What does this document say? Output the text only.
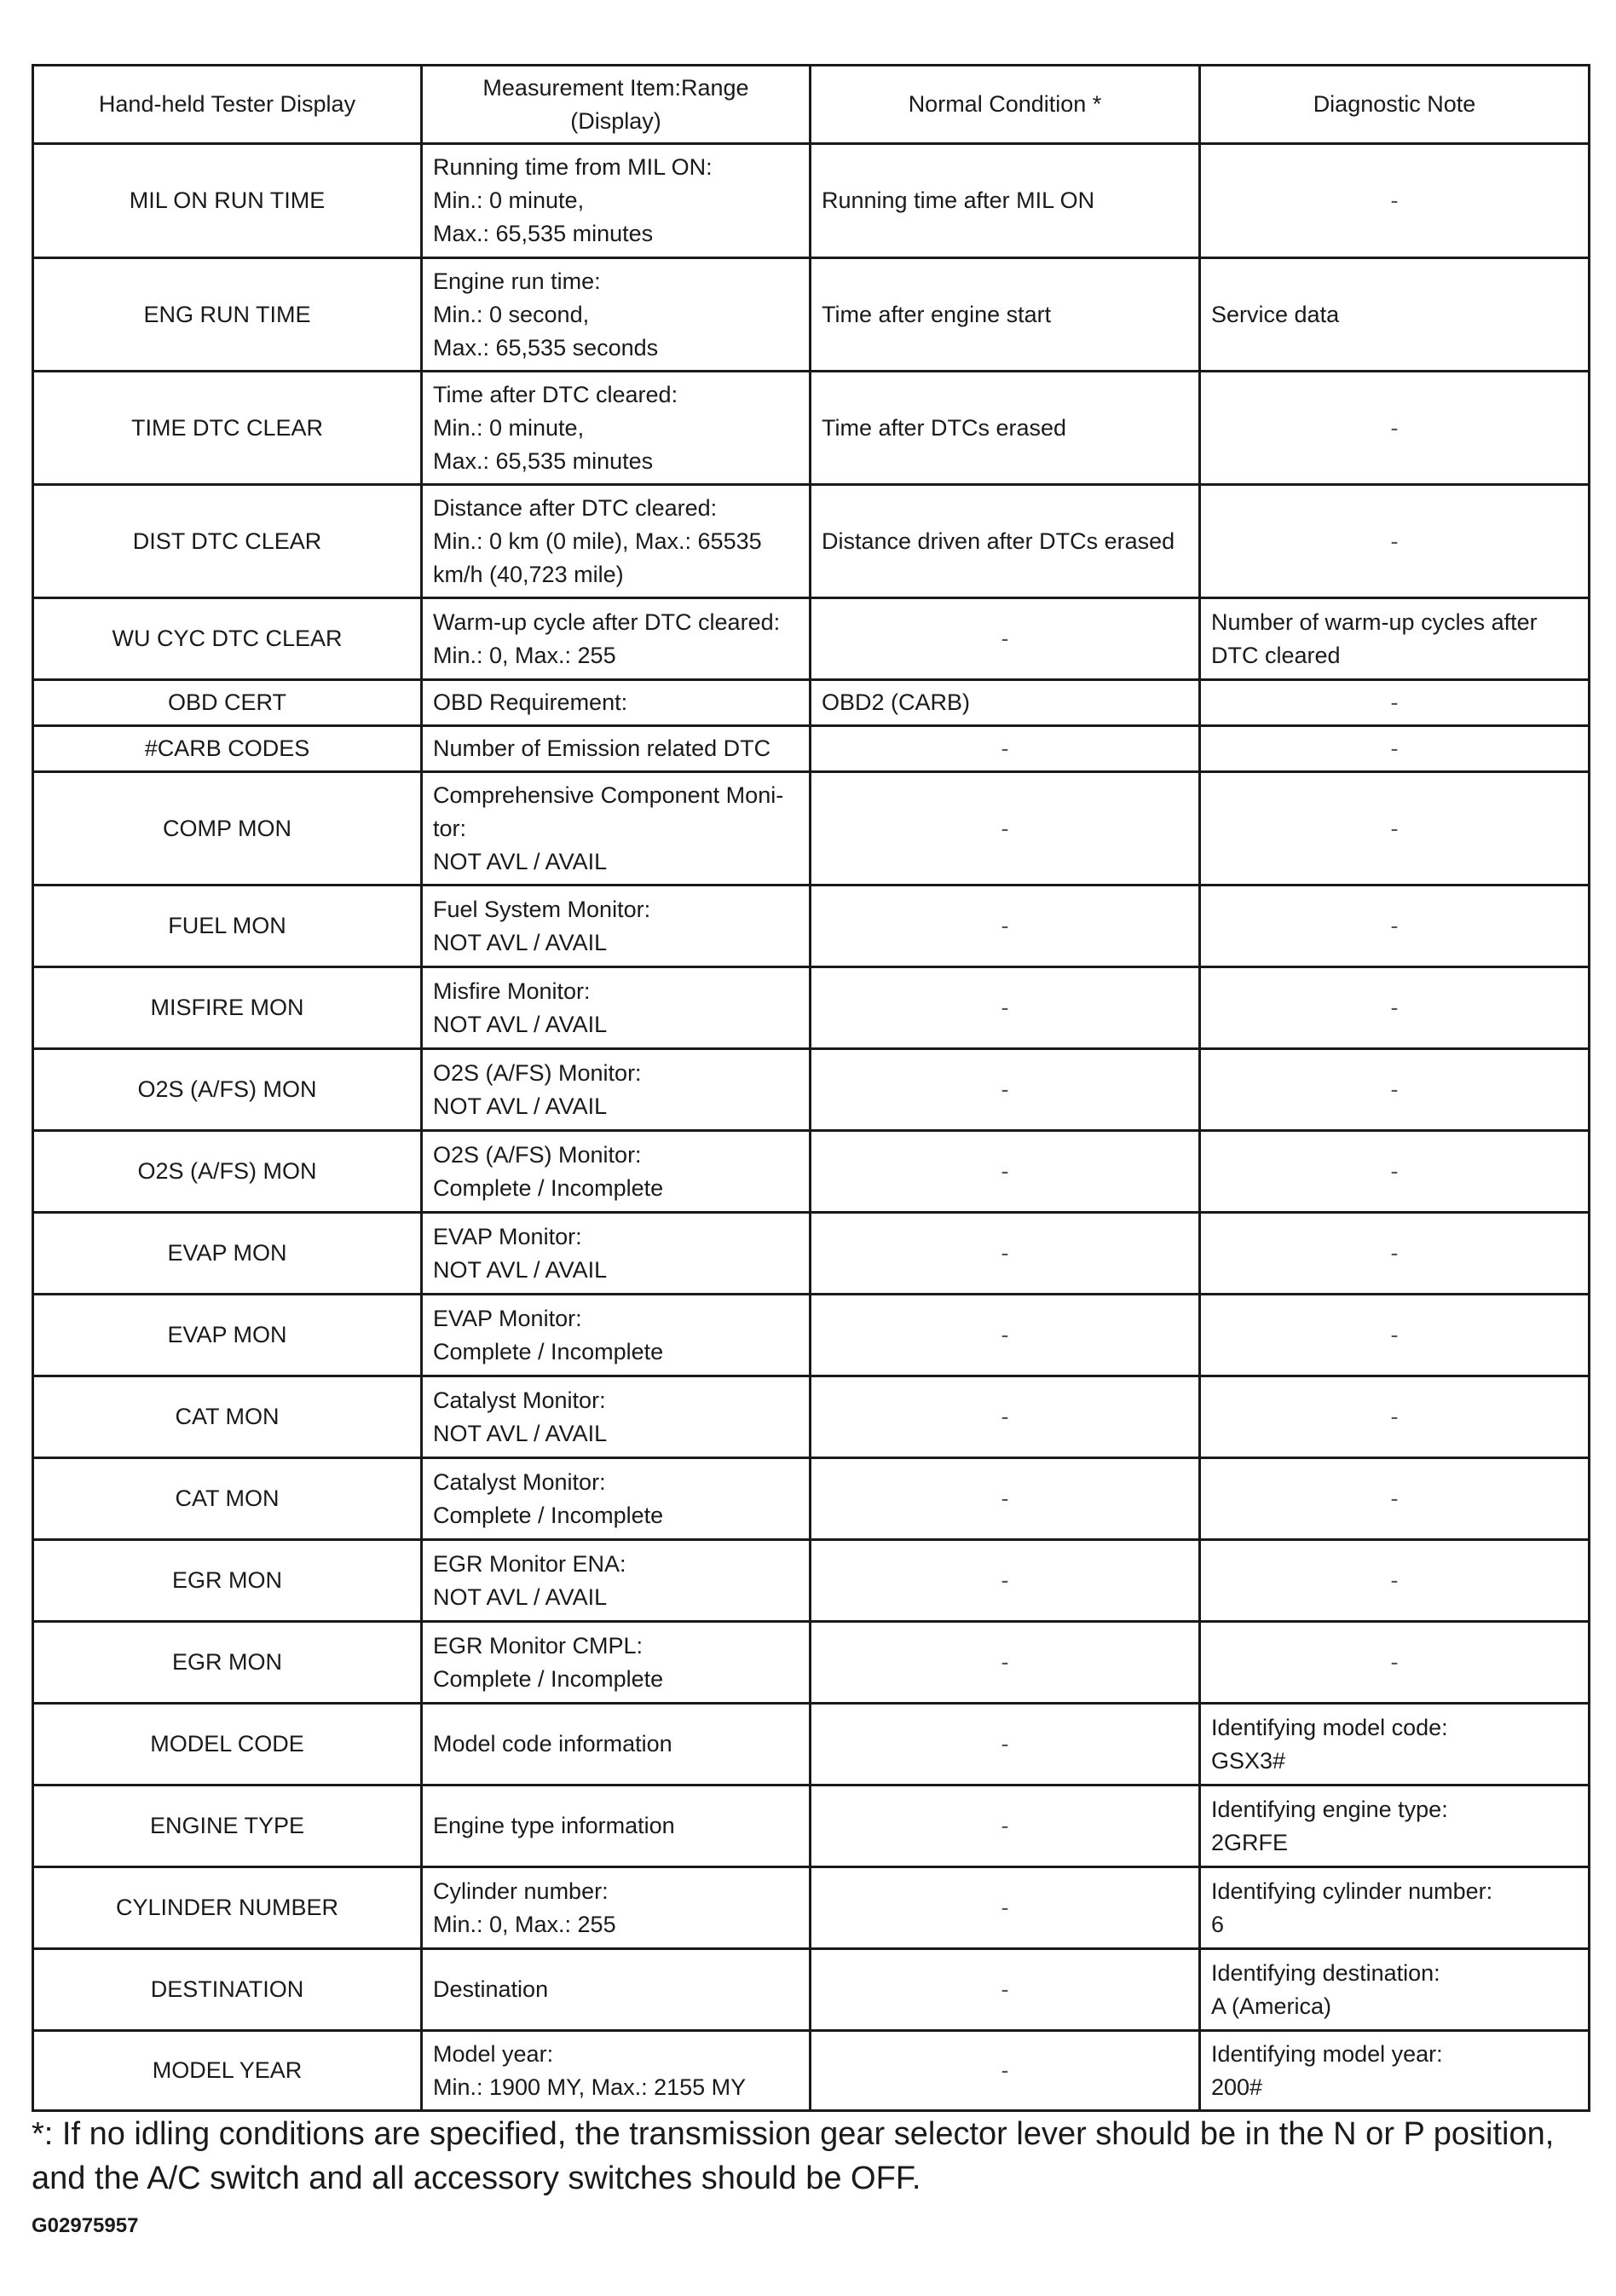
Hand-held Tester Display	Measurement Item:Range
(Display)	Normal Condition *	Diagnostic Note
MIL ON RUN TIME	Running time from MIL ON:
Min.: 0 minute,
Max.: 65,535 minutes	Running time after MIL ON	-
ENG RUN TIME	Engine run time:
Min.: 0 second,
Max.: 65,535 seconds	Time after engine start	Service data
TIME DTC CLEAR	Time after DTC cleared:
Min.: 0 minute,
Max.: 65,535 minutes	Time after DTCs erased	-
DIST DTC CLEAR	Distance after DTC cleared:
Min.: 0 km (0 mile), Max.: 65535
km/h (40,723 mile)	Distance driven after DTCs erased	-
WU CYC DTC CLEAR	Warm-up cycle after DTC cleared:
Min.: 0, Max.: 255	-	Number of warm-up cycles after
DTC cleared
OBD CERT	OBD Requirement:	OBD2 (CARB)	-
#CARB CODES	Number of Emission related DTC	-	-
COMP MON	Comprehensive Component Moni-
tor:
NOT AVL / AVAIL	-	-
FUEL MON	Fuel System Monitor:
NOT AVL / AVAIL	-	-
MISFIRE MON	Misfire Monitor:
NOT AVL / AVAIL	-	-
O2S (A/FS) MON	O2S (A/FS) Monitor:
NOT AVL / AVAIL	-	-
O2S (A/FS) MON	O2S (A/FS) Monitor:
Complete / Incomplete	-	-
EVAP MON	EVAP Monitor:
NOT AVL / AVAIL	-	-
EVAP MON	EVAP Monitor:
Complete / Incomplete	-	-
CAT MON	Catalyst Monitor:
NOT AVL / AVAIL	-	-
CAT MON	Catalyst Monitor:
Complete / Incomplete	-	-
EGR MON	EGR Monitor ENA:
NOT AVL / AVAIL	-	-
EGR MON	EGR Monitor CMPL:
Complete / Incomplete	-	-
MODEL CODE	Model code information	-	Identifying model code:
GSX3#
ENGINE TYPE	Engine type information	-	Identifying engine type:
2GRFE
CYLINDER NUMBER	Cylinder number:
Min.: 0, Max.: 255	-	Identifying cylinder number:
6
DESTINATION	Destination	-	Identifying destination:
A (America)
MODEL YEAR	Model year:
Min.: 1900 MY, Max.: 2155 MY	-	Identifying model year:
200#
*: If no idling conditions are specified, the transmission gear selector lever should be in the N or P position,
and the A/C switch and all accessory switches should be OFF.
G02975957
